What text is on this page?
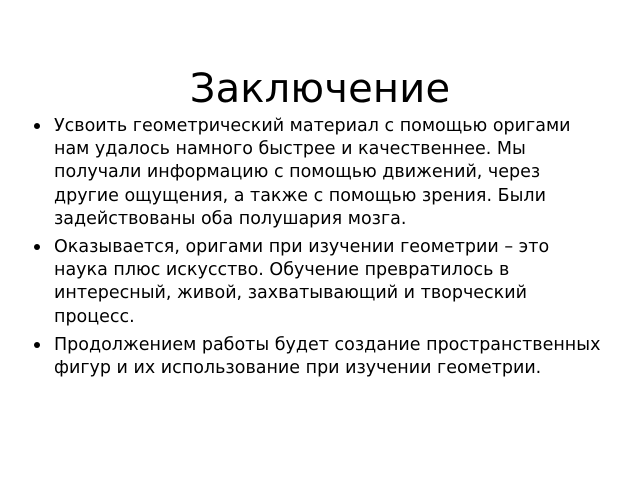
Заключение
Усвоить геометрический материал с помощью оригами нам удалось намного быстрее и качественнее. Мы получали информацию с помощью движений, через другие ощущения, а также с помощью зрения. Были задействованы оба полушария мозга.
Оказывается, оригами при изучении геометрии – это наука плюс искусство. Обучение превратилось в интересный, живой, захватывающий и творческий процесс.
Продолжением работы будет создание пространственных фигур и их использование при изучении геометрии.
